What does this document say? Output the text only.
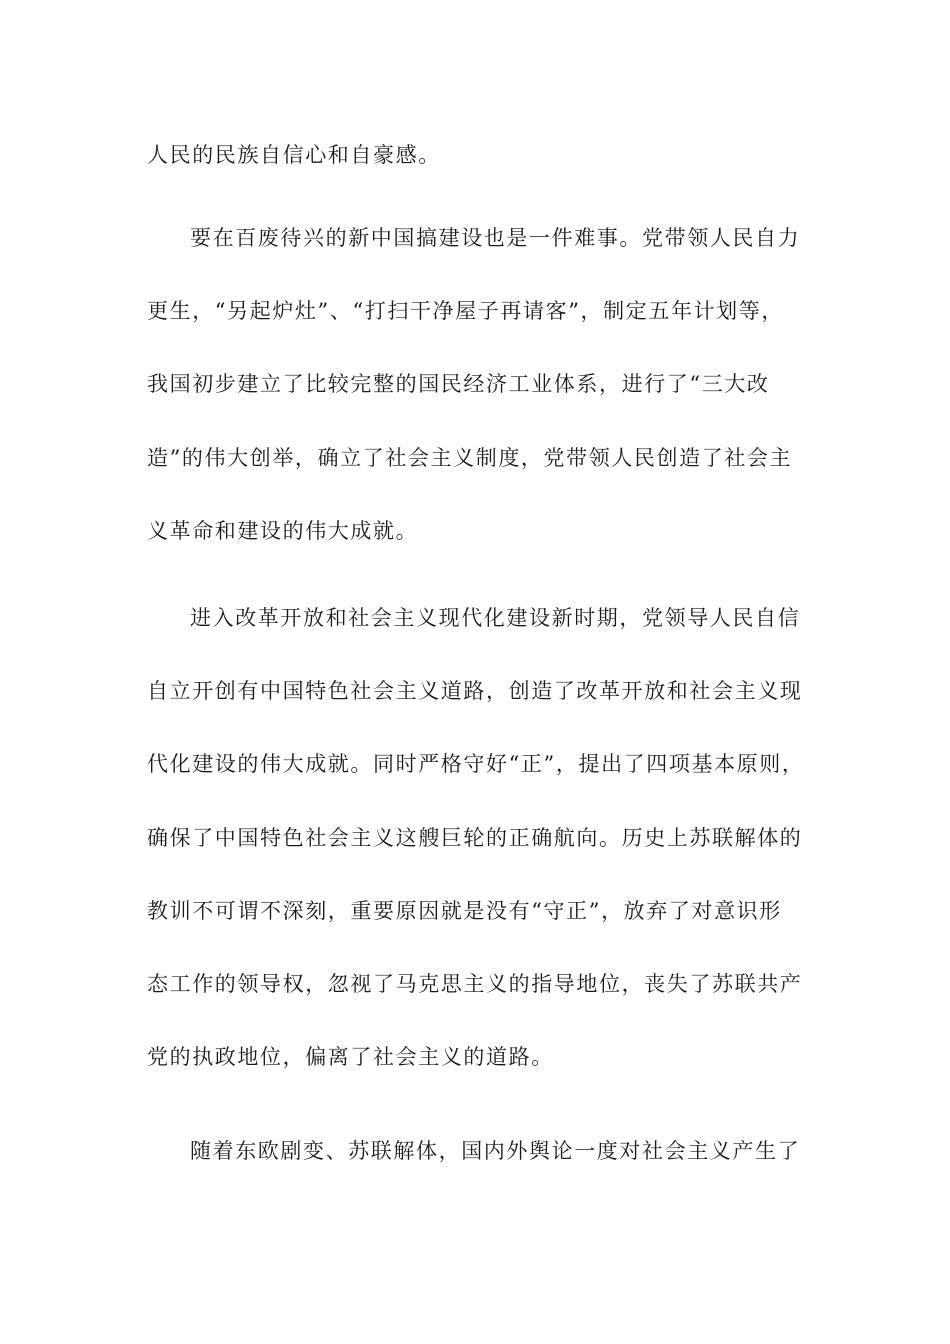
人民的民族自信心和自豪感。
要在百废待兴的新中国搞建设也是一件难事。党带领人民自力
更生，“另起炉灶”、“打扫干净屋子再请客”，制定五年计划等，
我国初步建立了比较完整的国民经济工业体系，进行了“三大改
造”的伟大创举，确立了社会主义制度，党带领人民创造了社会主
义革命和建设的伟大成就。
进入改革开放和社会主义现代化建设新时期，党领导人民自信
自立开创有中国特色社会主义道路，创造了改革开放和社会主义现
代化建设的伟大成就。同时严格守好“正”，提出了四项基本原则，
确保了中国特色社会主义这艘巨轮的正确航向。历史上苏联解体的
教训不可谓不深刻，重要原因就是没有“守正”，放弃了对意识形
态工作的领导权，忽视了马克思主义的指导地位，丧失了苏联共产
党的执政地位，偏离了社会主义的道路。
随着东欧剧变、苏联解体，国内外舆论一度对社会主义产生了
